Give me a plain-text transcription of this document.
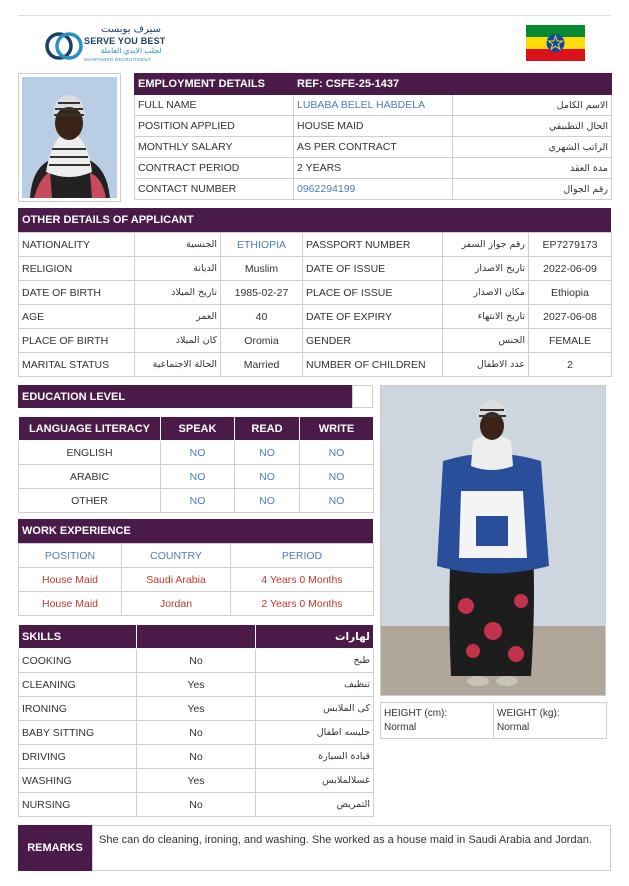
سيرف يوبست
SERVE YOU BEST
لجلب الايدي العاملة
MANPOWER RECRUITMENT
EMPLOYMENT DETAILS	REF: CSFE-25-1437	
FULL NAME	LUBABA BELEL HABDELA	الاسم الكامل
POSITION APPLIED	HOUSE MAID	الحال التطبيقي
MONTHLY SALARY	AS PER CONTRACT	الراتب الشهري
CONTRACT PERIOD	2 YEARS	مدة العقد
CONTACT NUMBER	0962294199	رقم الجوال
OTHER DETAILS OF APPLICANT
NATIONALITY	الجنسية	ETHIOPIA	PASSPORT NUMBER	رقم جواز السفر	EP7279173
RELIGION	الديانة	Muslim	DATE OF ISSUE	تاريخ الاصدار	2022-06-09
DATE OF BIRTH	تاريخ الميلاد	1985-02-27	PLACE OF ISSUE	مكان الاصدار	Ethiopia
AGE	العمر	40	DATE OF EXPIRY	تاريخ الانتهاء	2027-06-08
PLACE OF BIRTH	كان الميلاد	Oromia	GENDER	الجنس	FEMALE
MARITAL STATUS	الحالة الاجتماعية	Married	NUMBER OF CHILDREN	عدد الاطفال	2
EDUCATION LEVEL
LANGUAGE LITERACY	SPEAK	READ	WRITE
ENGLISH	NO	NO	NO
ARABIC	NO	NO	NO
OTHER	NO	NO	NO
WORK EXPERIENCE
POSITION	COUNTRY	PERIOD
House Maid	Saudi Arabia	4 Years 0 Months
House Maid	Jordan	2 Years 0 Months
SKILLS		لهارات
COOKING	No	طبخ
CLEANING	Yes	تنظيف
IRONING	Yes	كى الملابس
BABY SITTING	No	جليسه اطفال
DRIVING	No	قيادة السيارة
WASHING	Yes	غسلالملابس
NURSING	No	التمريض
HEIGHT (cm):
Normal

WEIGHT (kg):
Normal
REMARKS
She can do cleaning, ironing, and washing. She worked as a house maid in Saudi Arabia and Jordan.
